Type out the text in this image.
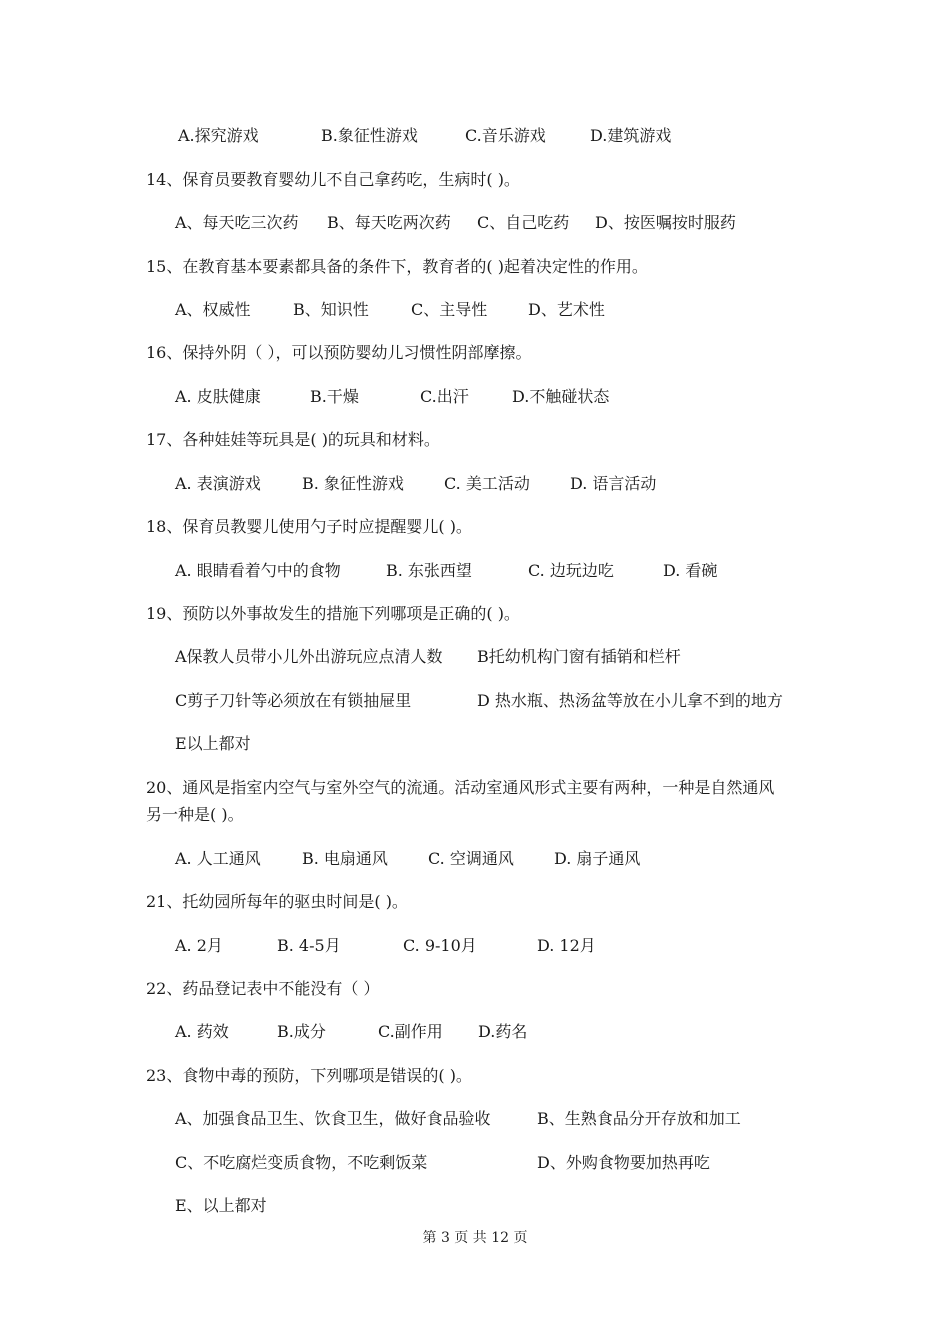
A.探究游戏	B.象征性游戏	C.音乐游戏	D.建筑游戏
14、保育员要教育婴幼儿不自己拿药吃，生病时( )。
A、每天吃三次药 B、每天吃两次药 C、自己吃药 D、按医嘱按时服药
15、在教育基本要素都具备的条件下，教育者的( )起着决定性的作用。
A、权威性	B、知识性	C、主导性	D、艺术性
16、保持外阴（ ），可以预防婴幼儿习惯性阴部摩擦。
A. 皮肤健康	B.干燥	C.出汗	D.不触碰状态
17、各种娃娃等玩具是( )的玩具和材料。
A. 表演游戏	B. 象征性游戏	C. 美工活动	D. 语言活动
18、保育员教婴儿使用勺子时应提醒婴儿( )。
A. 眼睛看着勺中的食物	B. 东张西望	C. 边玩边吃	D. 看碗
19、预防以外事故发生的措施下列哪项是正确的( )。
A保教人员带小儿外出游玩应点清人数 B托幼机构门窗有插销和栏杆
C剪子刀针等必须放在有锁抽屉里	D 热水瓶、热汤盆等放在小儿拿不到的地方
E以上都对
20、通风是指室内空气与室外空气的流通。活动室通风形式主要有两种，一种是自然通风
另一种是( )。
A. 人工通风	B. 电扇通风	C. 空调通风	D. 扇子通风
21、托幼园所每年的驱虫时间是( )。
A. 2月	B. 4-5月	C. 9-10月	D. 12月
22、药品登记表中不能没有（ ）
A. 药效	B.成分	C.副作用 D.药名
23、食物中毒的预防，下列哪项是错误的( )。
A、加强食品卫生、饮食卫生，做好食品验收	B、生熟食品分开存放和加工
C、不吃腐烂变质食物，不吃剩饭菜	D、外购食物要加热再吃
E、以上都对
第 3 页 共 12 页
